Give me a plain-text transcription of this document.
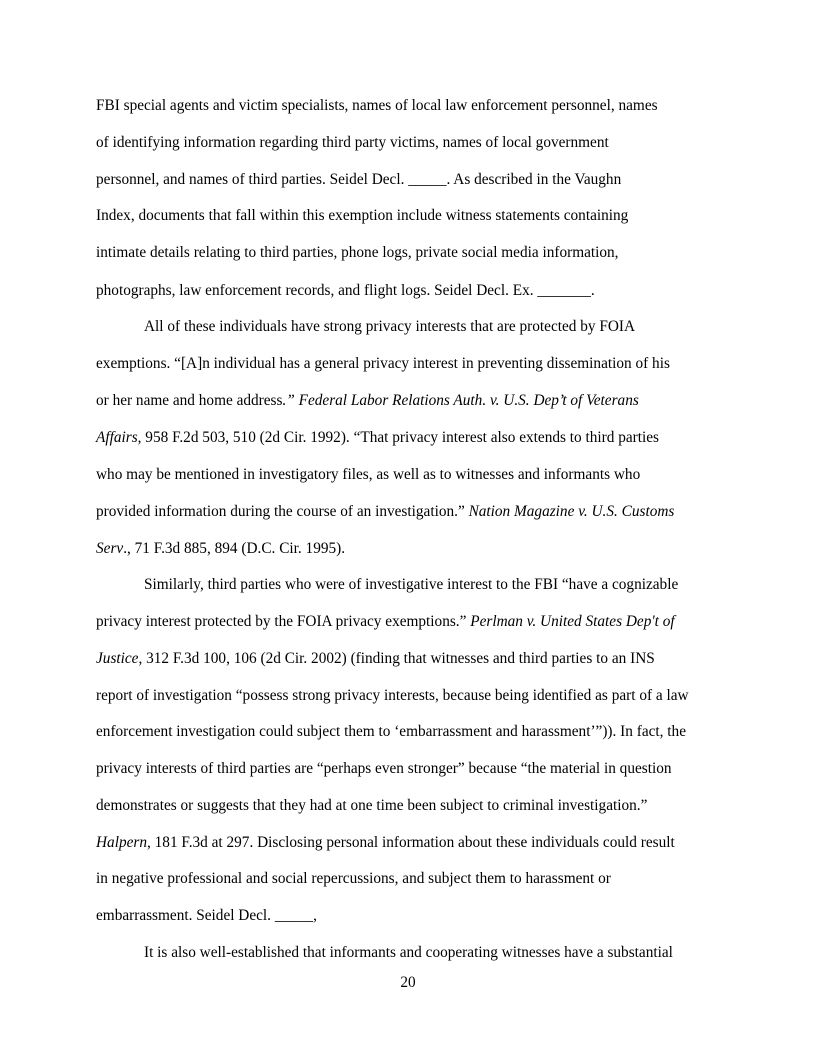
FBI special agents and victim specialists, names of local law enforcement personnel, names
of identifying information regarding third party victims, names of local government
personnel, and names of third parties. Seidel Decl. _____. As described in the Vaughn
Index, documents that fall within this exemption include witness statements containing
intimate details relating to third parties, phone logs, private social media information,
photographs, law enforcement records, and flight logs. Seidel Decl. Ex. _______.
All of these individuals have strong privacy interests that are protected by FOIA
exemptions. “[A]n individual has a general privacy interest in preventing dissemination of his
or her name and home address.” Federal Labor Relations Auth. v. U.S. Dep’t of Veterans
Affairs, 958 F.2d 503, 510 (2d Cir. 1992). “That privacy interest also extends to third parties
who may be mentioned in investigatory files, as well as to witnesses and informants who
provided information during the course of an investigation.” Nation Magazine v. U.S. Customs
Serv., 71 F.3d 885, 894 (D.C. Cir. 1995).
Similarly, third parties who were of investigative interest to the FBI “have a cognizable
privacy interest protected by the FOIA privacy exemptions.” Perlman v. United States Dep't of
Justice, 312 F.3d 100, 106 (2d Cir. 2002) (finding that witnesses and third parties to an INS
report of investigation “possess strong privacy interests, because being identified as part of a law
enforcement investigation could subject them to ‘embarrassment and harassment’”)). In fact, the
privacy interests of third parties are “perhaps even stronger” because “the material in question
demonstrates or suggests that they had at one time been subject to criminal investigation.”
Halpern, 181 F.3d at 297. Disclosing personal information about these individuals could result
in negative professional and social repercussions, and subject them to harassment or
embarrassment. Seidel Decl. _____,
It is also well-established that informants and cooperating witnesses have a substantial
20
